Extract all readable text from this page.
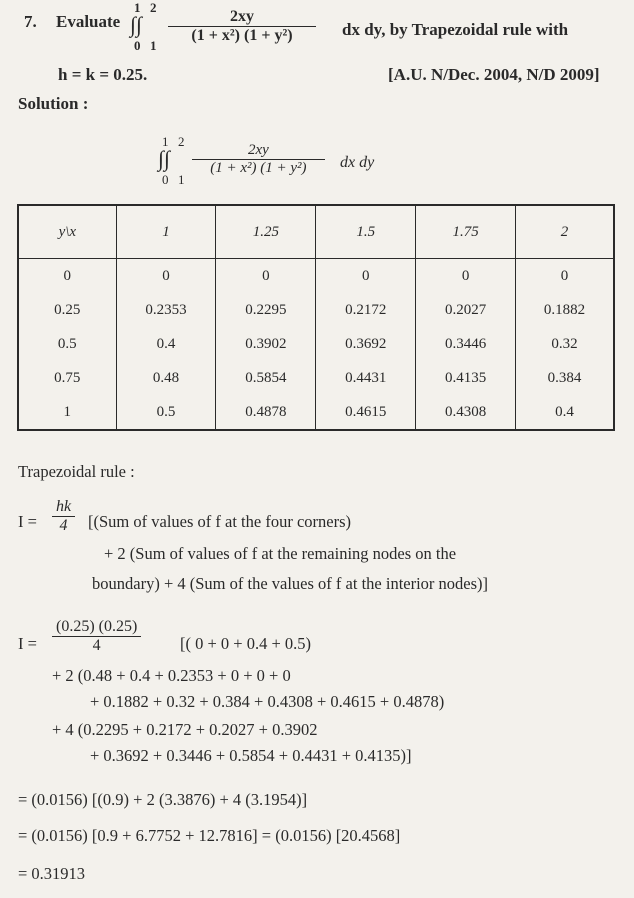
7. Evaluate
1 2
∫∫
0 $1 \frac{2xy}{\text{(1 + x²) (1 + y²)}}$ dx dy, by Trapezoidal rule with
h = k = 0.25.	[A.U. N/Dec. 2004, N/D 2009]
Solution :
1 2
∫∫
0 1
$\frac{2xy}{\text{(1 + x²) (1 + y²)}}$ dx dy
y\x	1	1.25	1.5	1.75	2
0	0	0	0	0	0
0.25	0.2353	0.2295	0.2172	0.2027	0.1882
0.5	0.4	0.3902	0.3692	0.3446	0.32
0.75	0.48	0.5854	0.4431	0.4135	0.384
1	0.5	0.4878	0.4615	0.4308	0.4
Trapezoidal rule :
$I = \frac{hk}{4} [(Sum$ of values of f at the four corners)
+ 2 (Sum of values of f at the remaining nodes on the
boundary) + 4 (Sum of the values of f at the interior nodes)]
$I = \frac{(0.25) (0.25)}{4}$ [( 0 + 0 + 0.4 + 0.5)
+ 2 (0.48 + 0.4 + 0.2353 + 0 + 0 + 0
+ 0.1882 + 0.32 + 0.384 + 0.4308 + 0.4615 + 0.4878)
+ 4 (0.2295 + 0.2172 + 0.2027 + 0.3902
+ 0.3692 + 0.3446 + 0.5854 + 0.4431 + 0.4135)]
= (0.0156) [(0.9) + 2 (3.3876) + 4 (3.1954)]
= (0.0156) [0.9 + 6.7752 + 12.7816] = (0.0156) [20.4568]
= 0.31913
